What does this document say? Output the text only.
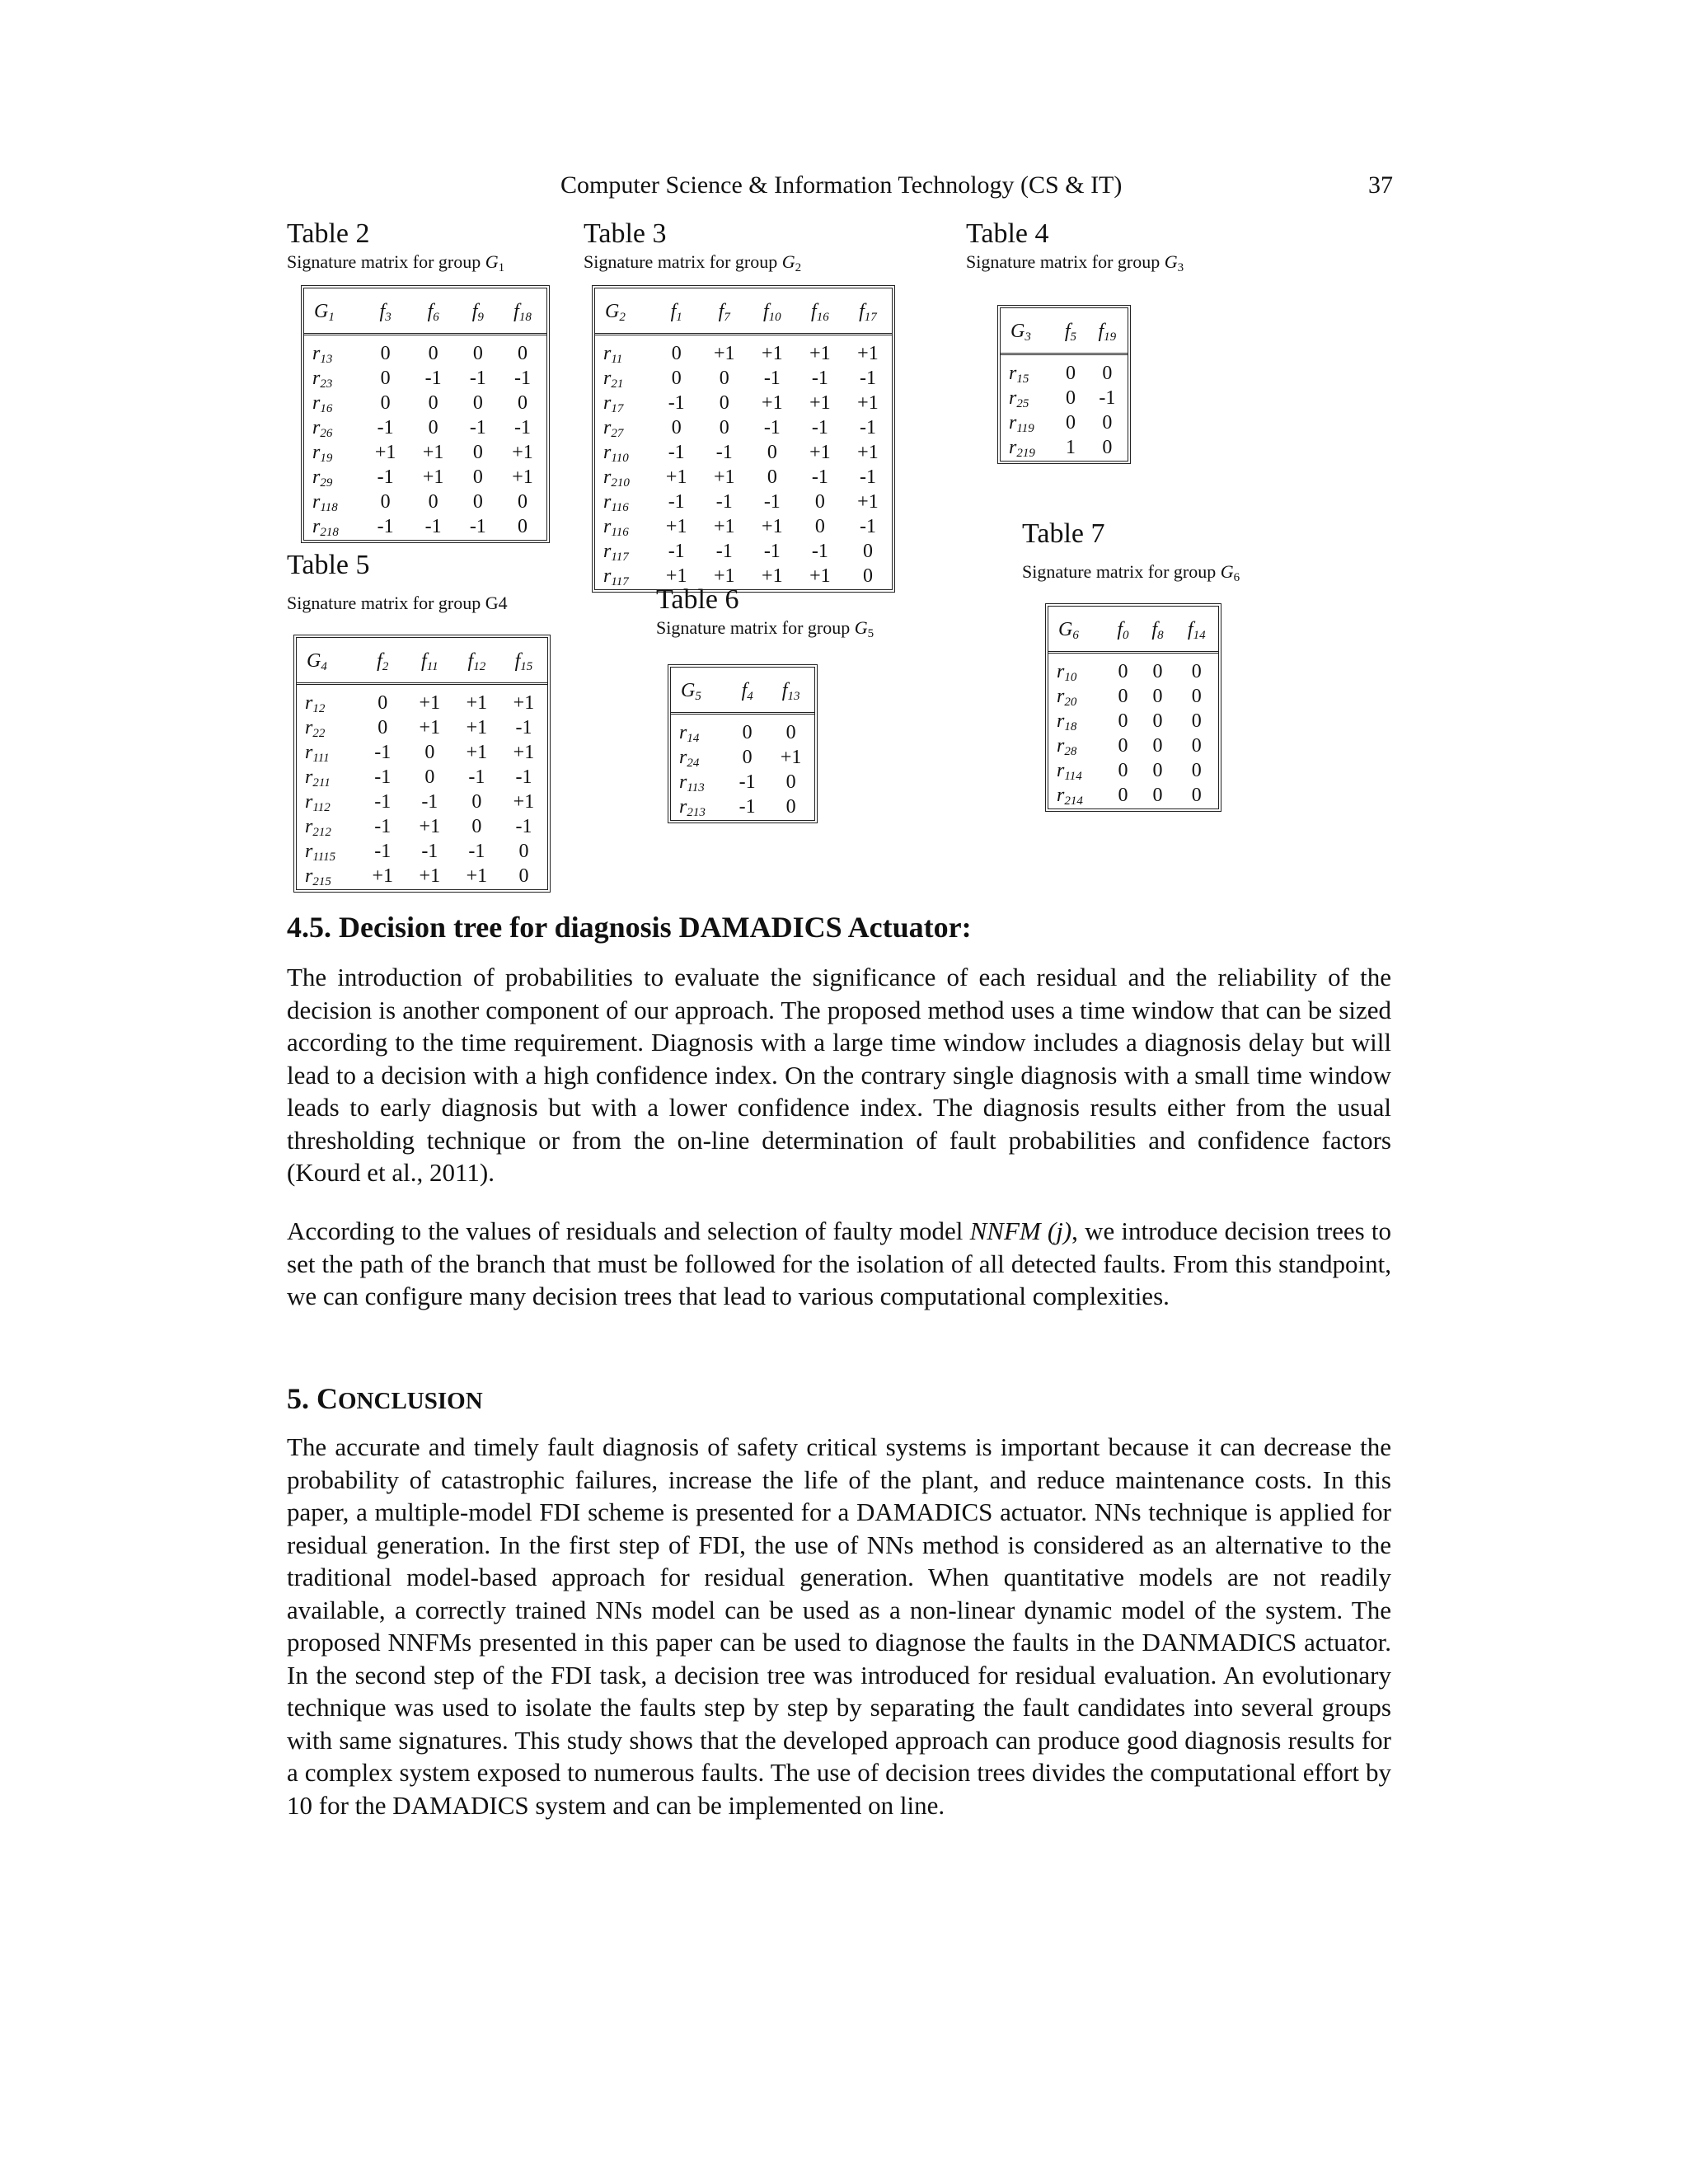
Computer Science & Information Technology (CS & IT)	37
Table 2
Signature matrix for group $G_1$
$G_1$	$f_3$	$f_6$	$f_9$	$f_{18}$
$r_{13}$	0	0	0	0
$r_{23}$	0	-1	-1	-1
$r_{16}$	0	0	0	0
$r_{26}$	-1	0	-1	-1
$r_{19}$	+1	+1	0	+1
$r_{29}$	-1	+1	0	+1
$r_{118}$	0	0	0	0
$r_{218}$	-1	-1	-1	0
Table 3
Signature matrix for group $G_2$
$G_2$	$f_1$	$f_7$	$f_{10}$	$f_{16}$	$f_{17}$
$r_{11}$	0	+1	+1	+1	+1
$r_{21}$	0	0	-1	-1	-1
$r_{17}$	-1	0	+1	+1	+1
$r_{27}$	0	0	-1	-1	-1
$r_{110}$	-1	-1	0	+1	+1
$r_{210}$	+1	+1	0	-1	-1
$r_{116}$	-1	-1	-1	0	+1
$r_{116}$	+1	+1	+1	0	-1
$r_{117}$	-1	-1	-1	-1	0
$r_{117}$	+1	+1	+1	+1	0
Table 4
Signature matrix for group $G_3$
$G_3$	$f_5$	$f_{19}$
$r_{15}$	0	0
$r_{25}$	0	-1
$r_{119}$	0	0
$r_{219}$	1	0
Table 5
Signature matrix for group G4
$G_4$	$f_2$	$f_{11}$	$f_{12}$	$f_{15}$
$r_{12}$	0	+1	+1	+1
$r_{22}$	0	+1	+1	-1
$r_{111}$	-1	0	+1	+1
$r_{211}$	-1	0	-1	-1
$r_{112}$	-1	-1	0	+1
$r_{212}$	-1	+1	0	-1
$r_{1115}$	-1	-1	-1	0
$r_{215}$	+1	+1	+1	0
Table 6
Signature matrix for group $G_5$
$G_5$	$f_4$	$f_{13}$
$r_{14}$	0	0
$r_{24}$	0	+1
$r_{113}$	-1	0
$r_{213}$	-1	0
Table 7
Signature matrix for group $G_6$
$G_6$	$f_0$	$f_8$	$f_{14}$
$r_{10}$	0	0	0
$r_{20}$	0	0	0
$r_{18}$	0	0	0
$r_{28}$	0	0	0
$r_{114}$	0	0	0
$r_{214}$	0	0	0
4.5. Decision tree for diagnosis DAMADICS Actuator:
The introduction of probabilities to evaluate the significance of each residual and the reliability of the decision is another component of our approach. The proposed method uses a time window that can be sized according to the time requirement. Diagnosis with a large time window includes a diagnosis delay but will lead to a decision with a high confidence index. On the contrary single diagnosis with a small time window leads to early diagnosis but with a lower confidence index. The diagnosis results either from the usual thresholding technique or from the on-line determination of fault probabilities and confidence factors (Kourd et al., 2011).
According to the values of residuals and selection of faulty model NNFM (j), we introduce decision trees to set the path of the branch that must be followed for the isolation of all detected faults. From this standpoint, we can configure many decision trees that lead to various computational complexities.
5. CONCLUSION
The accurate and timely fault diagnosis of safety critical systems is important because it can decrease the probability of catastrophic failures, increase the life of the plant, and reduce maintenance costs. In this paper, a multiple-model FDI scheme is presented for a DAMADICS actuator. NNs technique is applied for residual generation. In the first step of FDI, the use of NNs method is considered as an alternative to the traditional model-based approach for residual generation. When quantitative models are not readily available, a correctly trained NNs model can be used as a non-linear dynamic model of the system. The proposed NNFMs presented in this paper can be used to diagnose the faults in the DANMADICS actuator. In the second step of the FDI task, a decision tree was introduced for residual evaluation. An evolutionary technique was used to isolate the faults step by step by separating the fault candidates into several groups with same signatures. This study shows that the developed approach can produce good diagnosis results for a complex system exposed to numerous faults. The use of decision trees divides the computational effort by 10 for the DAMADICS system and can be implemented on line.
